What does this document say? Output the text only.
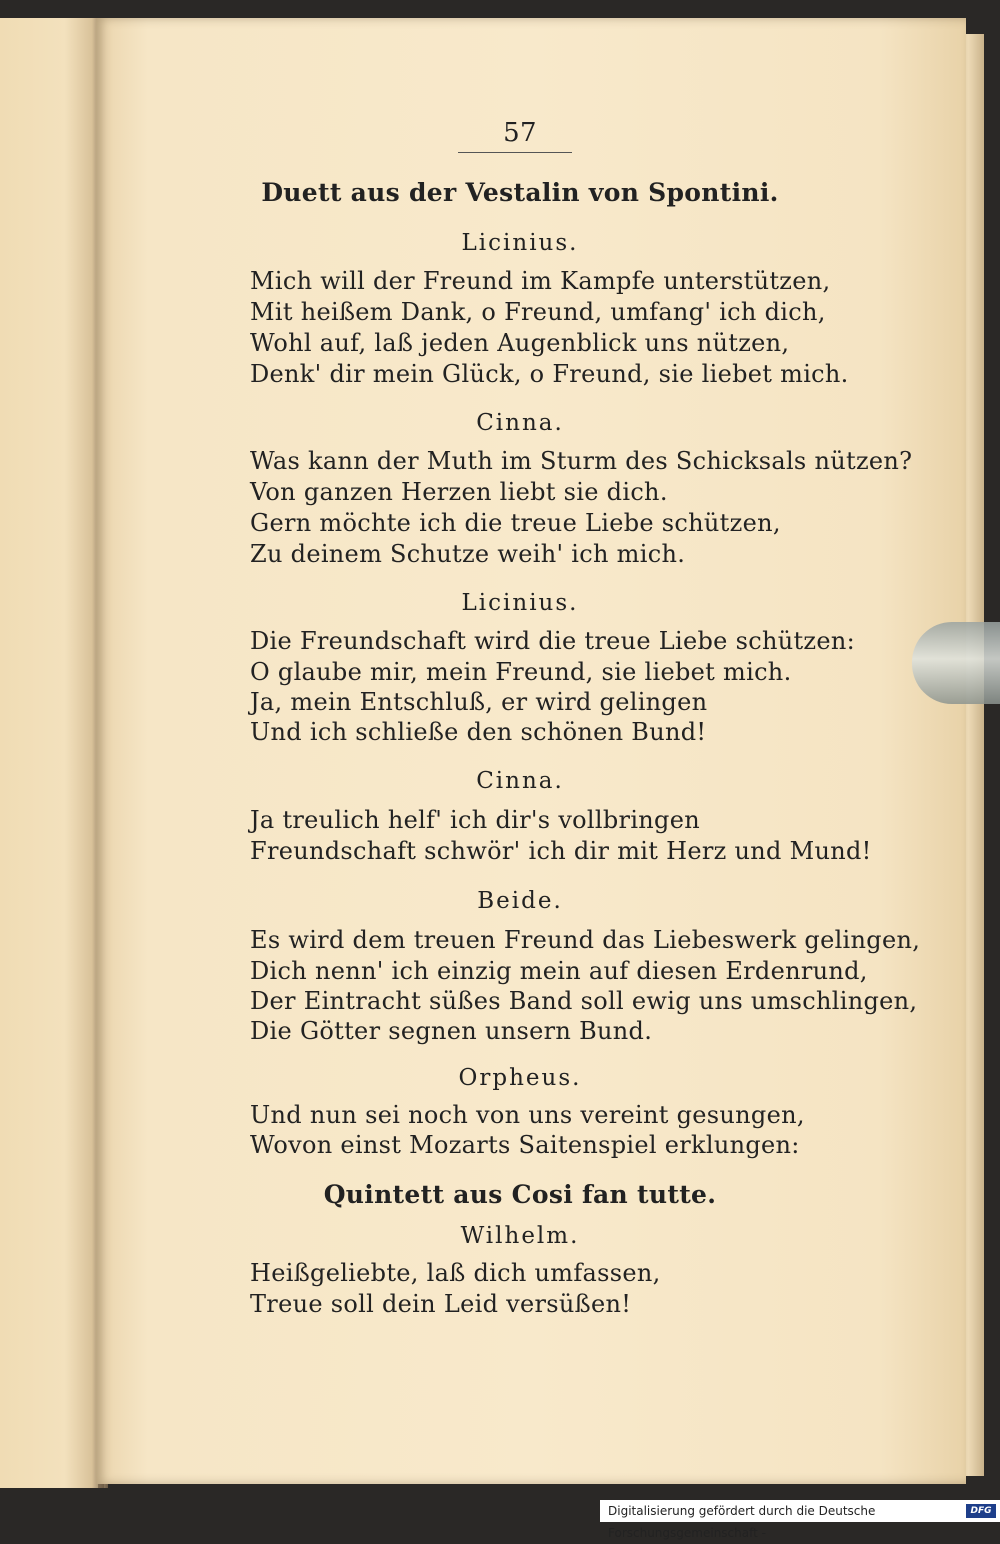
57
Duett aus der Vestalin von Spontini.
Licinius.
Mich will der Freund im Kampfe unterstützen,
Mit heißem Dank, o Freund, umfang' ich dich,
Wohl auf, laß jeden Augenblick uns nützen,
Denk' dir mein Glück, o Freund, sie liebet mich.
Cinna.
Was kann der Muth im Sturm des Schicksals nützen?
Von ganzen Herzen liebt sie dich.
Gern möchte ich die treue Liebe schützen,
Zu deinem Schutze weih' ich mich.
Licinius.
Die Freundschaft wird die treue Liebe schützen:
O glaube mir, mein Freund, sie liebet mich.
Ja, mein Entschluß, er wird gelingen
Und ich schließe den schönen Bund!
Cinna.
Ja treulich helf' ich dir's vollbringen
Freundschaft schwör' ich dir mit Herz und Mund!
Beide.
Es wird dem treuen Freund das Liebeswerk gelingen,
Dich nenn' ich einzig mein auf diesen Erdenrund,
Der Eintracht süßes Band soll ewig uns umschlingen,
Die Götter segnen unsern Bund.
Orpheus.
Und nun sei noch von uns vereint gesungen,
Wovon einst Mozarts Saitenspiel erklungen:
Quintett aus Cosi fan tutte.
Wilhelm.
Heißgeliebte, laß dich umfassen,
Treue soll dein Leid versüßen!
Digitalisierung gefördert durch die Deutsche Forschungsgemeinschaft -
DFG
